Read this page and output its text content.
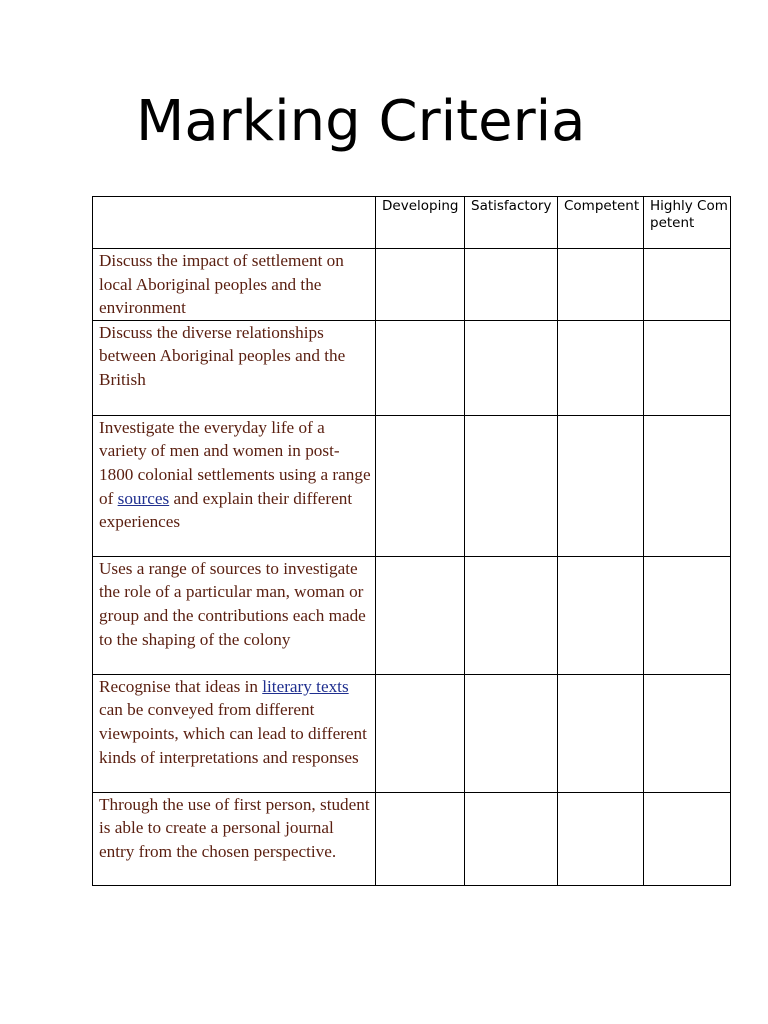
Marking Criteria
	Developing	Satisfactory	Competent	Highly Competent
Discuss the impact of settlement on local Aboriginal peoples and the environment				
Discuss the diverse relationships between Aboriginal peoples and the British				
Investigate the everyday life of a variety of men and women in post-1800 colonial settlements using a range of sources and explain their different experiences				
Uses a range of sources to investigate the role of a particular man, woman or group and the contributions each made to the shaping of the colony				
Recognise that ideas in literary texts can be conveyed from different viewpoints, which can lead to different kinds of interpretations and responses				
Through the use of first person, student is able to create a personal journal entry from the chosen perspective.				
